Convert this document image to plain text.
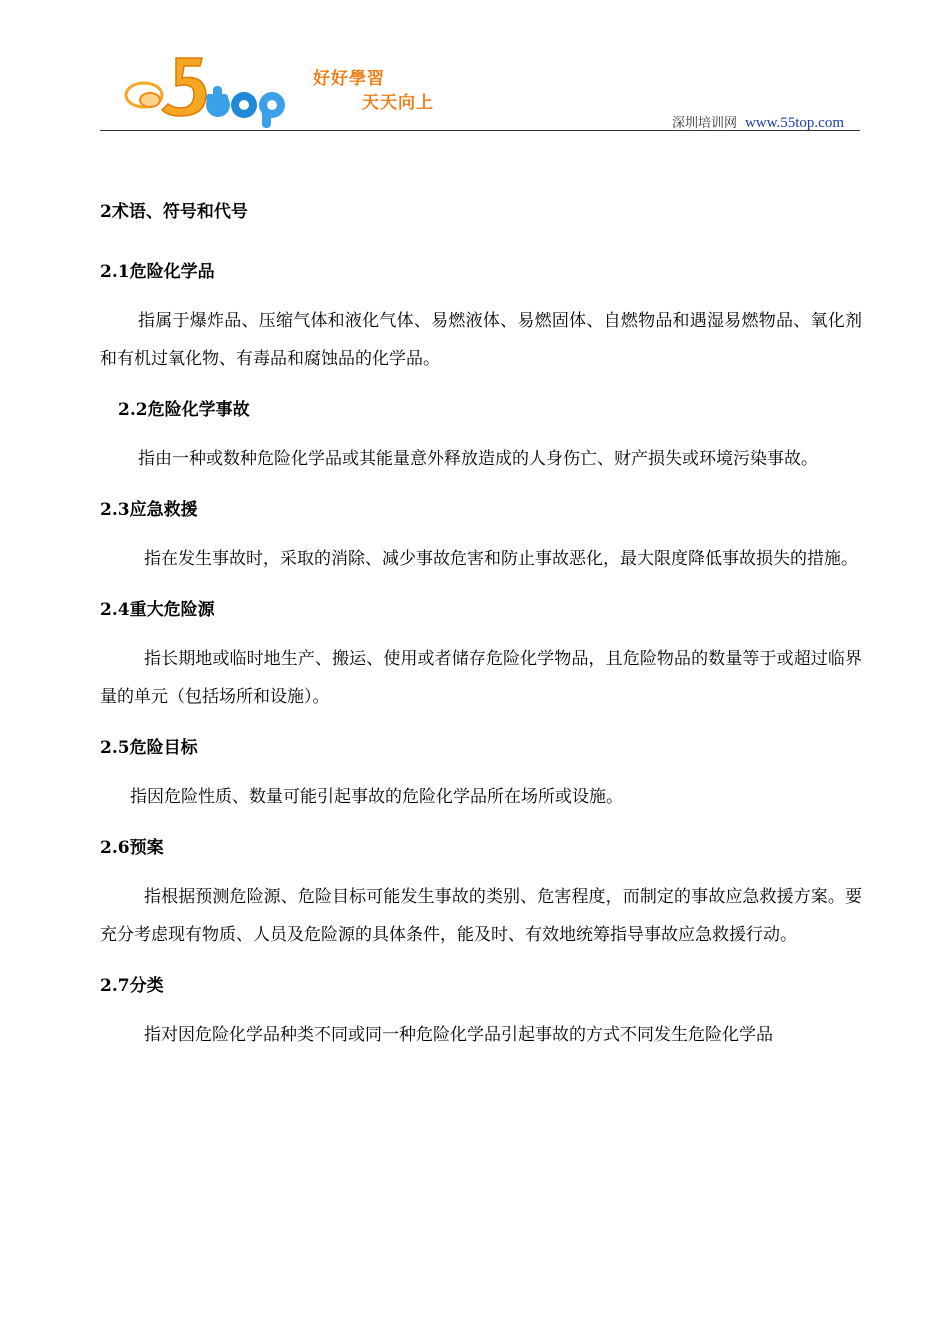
好好學習
天天向上
深圳培训网 www.55top.com

2术语、符号和代号

2.1危险化学品

指属于爆炸品、压缩气体和液化气体、易燃液体、易燃固体、自燃物品和遇湿易燃物品、氧化剂和有机过氧化物、有毒品和腐蚀品的化学品。

2.2危险化学事故

指由一种或数种危险化学品或其能量意外释放造成的人身伤亡、财产损失或环境污染事故。

2.3应急救援

指在发生事故时，采取的消除、减少事故危害和防止事故恶化，最大限度降低事故损失的措施。

2.4重大危险源

指长期地或临时地生产、搬运、使用或者储存危险化学物品，且危险物品的数量等于或超过临界量的单元（包括场所和设施）。

2.5危险目标

指因危险性质、数量可能引起事故的危险化学品所在场所或设施。

2.6预案

指根据预测危险源、危险目标可能发生事故的类别、危害程度，而制定的事故应急救援方案。要充分考虑现有物质、人员及危险源的具体条件，能及时、有效地统筹指导事故应急救援行动。

2.7分类

指对因危险化学品种类不同或同一种危险化学品引起事故的方式不同发生危险化学品
